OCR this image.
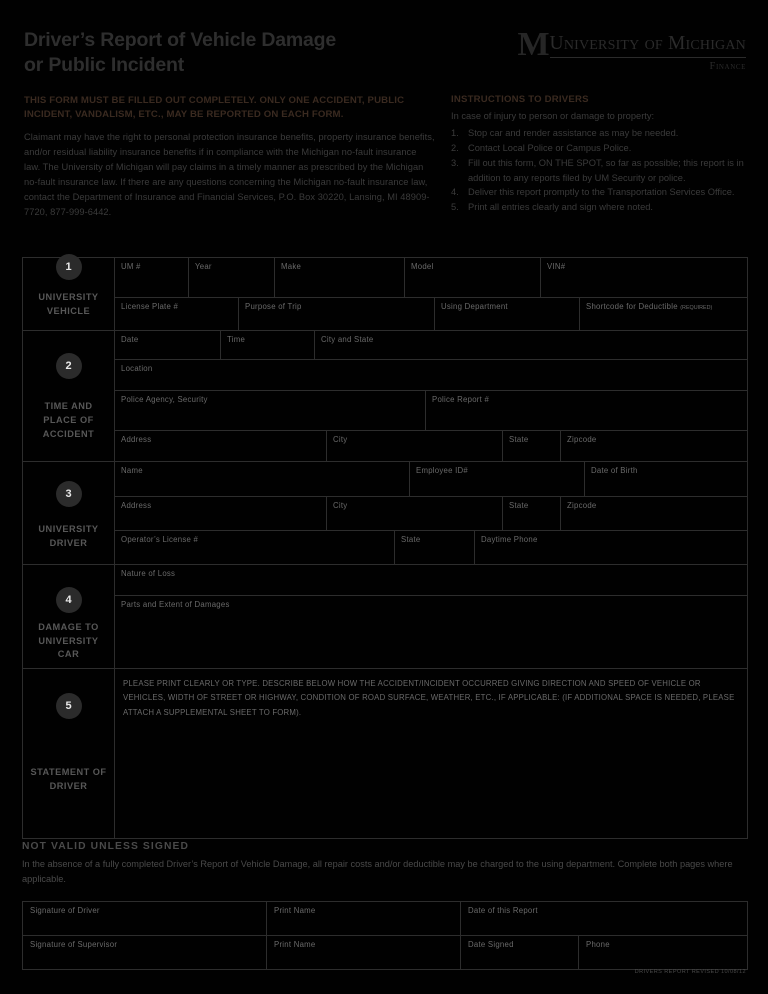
Driver’s Report of Vehicle Damage
or Public Incident
THIS FORM MUST BE FILLED OUT COMPLETELY. ONLY ONE ACCIDENT, PUBLIC INCIDENT, VANDALISM, ETC., MAY BE REPORTED ON EACH FORM.
Claimant may have the right to personal protection insurance benefits, property insurance benefits, and/or residual liability insurance benefits if in compliance with the Michigan no-fault insurance law. The University of Michigan will pay claims in a timely manner as prescribed by the Michigan no-fault insurance law. If there are any questions concerning the Michigan no-fault insurance law, contact the Department of Insurance and Financial Services, P.O. Box 30220, Lansing, MI 48909-7720, 877-999-6442.
M University of Michigan
Finance
INSTRUCTIONS TO DRIVERS
In case of injury to person or damage to property:
1. Stop car and render assistance as may be needed.
2. Contact Local Police or Campus Police.
3. Fill out this form, ON THE SPOT, so far as possible; this report is in addition to any reports filed by UM Security or police.
4. Deliver this report promptly to the Transportation Services Office.
5. Print all entries clearly and sign where noted.
1
UNIVERSITY VEHICLE
UM #	Year	Make	Model	VIN#
License Plate #	Purpose of Trip	Using Department	Shortcode for Deductible (REQUIRED)
2
TIME AND PLACE OF ACCIDENT
Date	Time	City and State
Location
Police Agency, Security	Police Report #
Address	City	State	Zipcode
3
UNIVERSITY DRIVER
Name	Employee ID#	Date of Birth
Address	City	State	Zipcode
Operator’s License #	State	Daytime Phone
4
DAMAGE TO UNIVERSITY CAR
Nature of Loss
Parts and Extent of Damages
5
STATEMENT OF DRIVER
PLEASE PRINT CLEARLY OR TYPE. DESCRIBE BELOW HOW THE ACCIDENT/INCIDENT OCCURRED GIVING DIRECTION AND SPEED OF VEHICLE OR VEHICLES, WIDTH OF STREET OR HIGHWAY, CONDITION OF ROAD SURFACE, WEATHER, ETC., IF APPLICABLE: (IF ADDITIONAL SPACE IS NEEDED, PLEASE ATTACH A SUPPLEMENTAL SHEET TO FORM).
NOT VALID UNLESS SIGNED
In the absence of a fully completed Driver’s Report of Vehicle Damage, all repair costs and/or deductible may be charged to the using department. Complete both pages where applicable.
Signature of Driver	Print Name	Date of this Report
Signature of Supervisor	Print Name	Date Signed	Phone
DRIVERS REPORT REVISED 10/08/12
